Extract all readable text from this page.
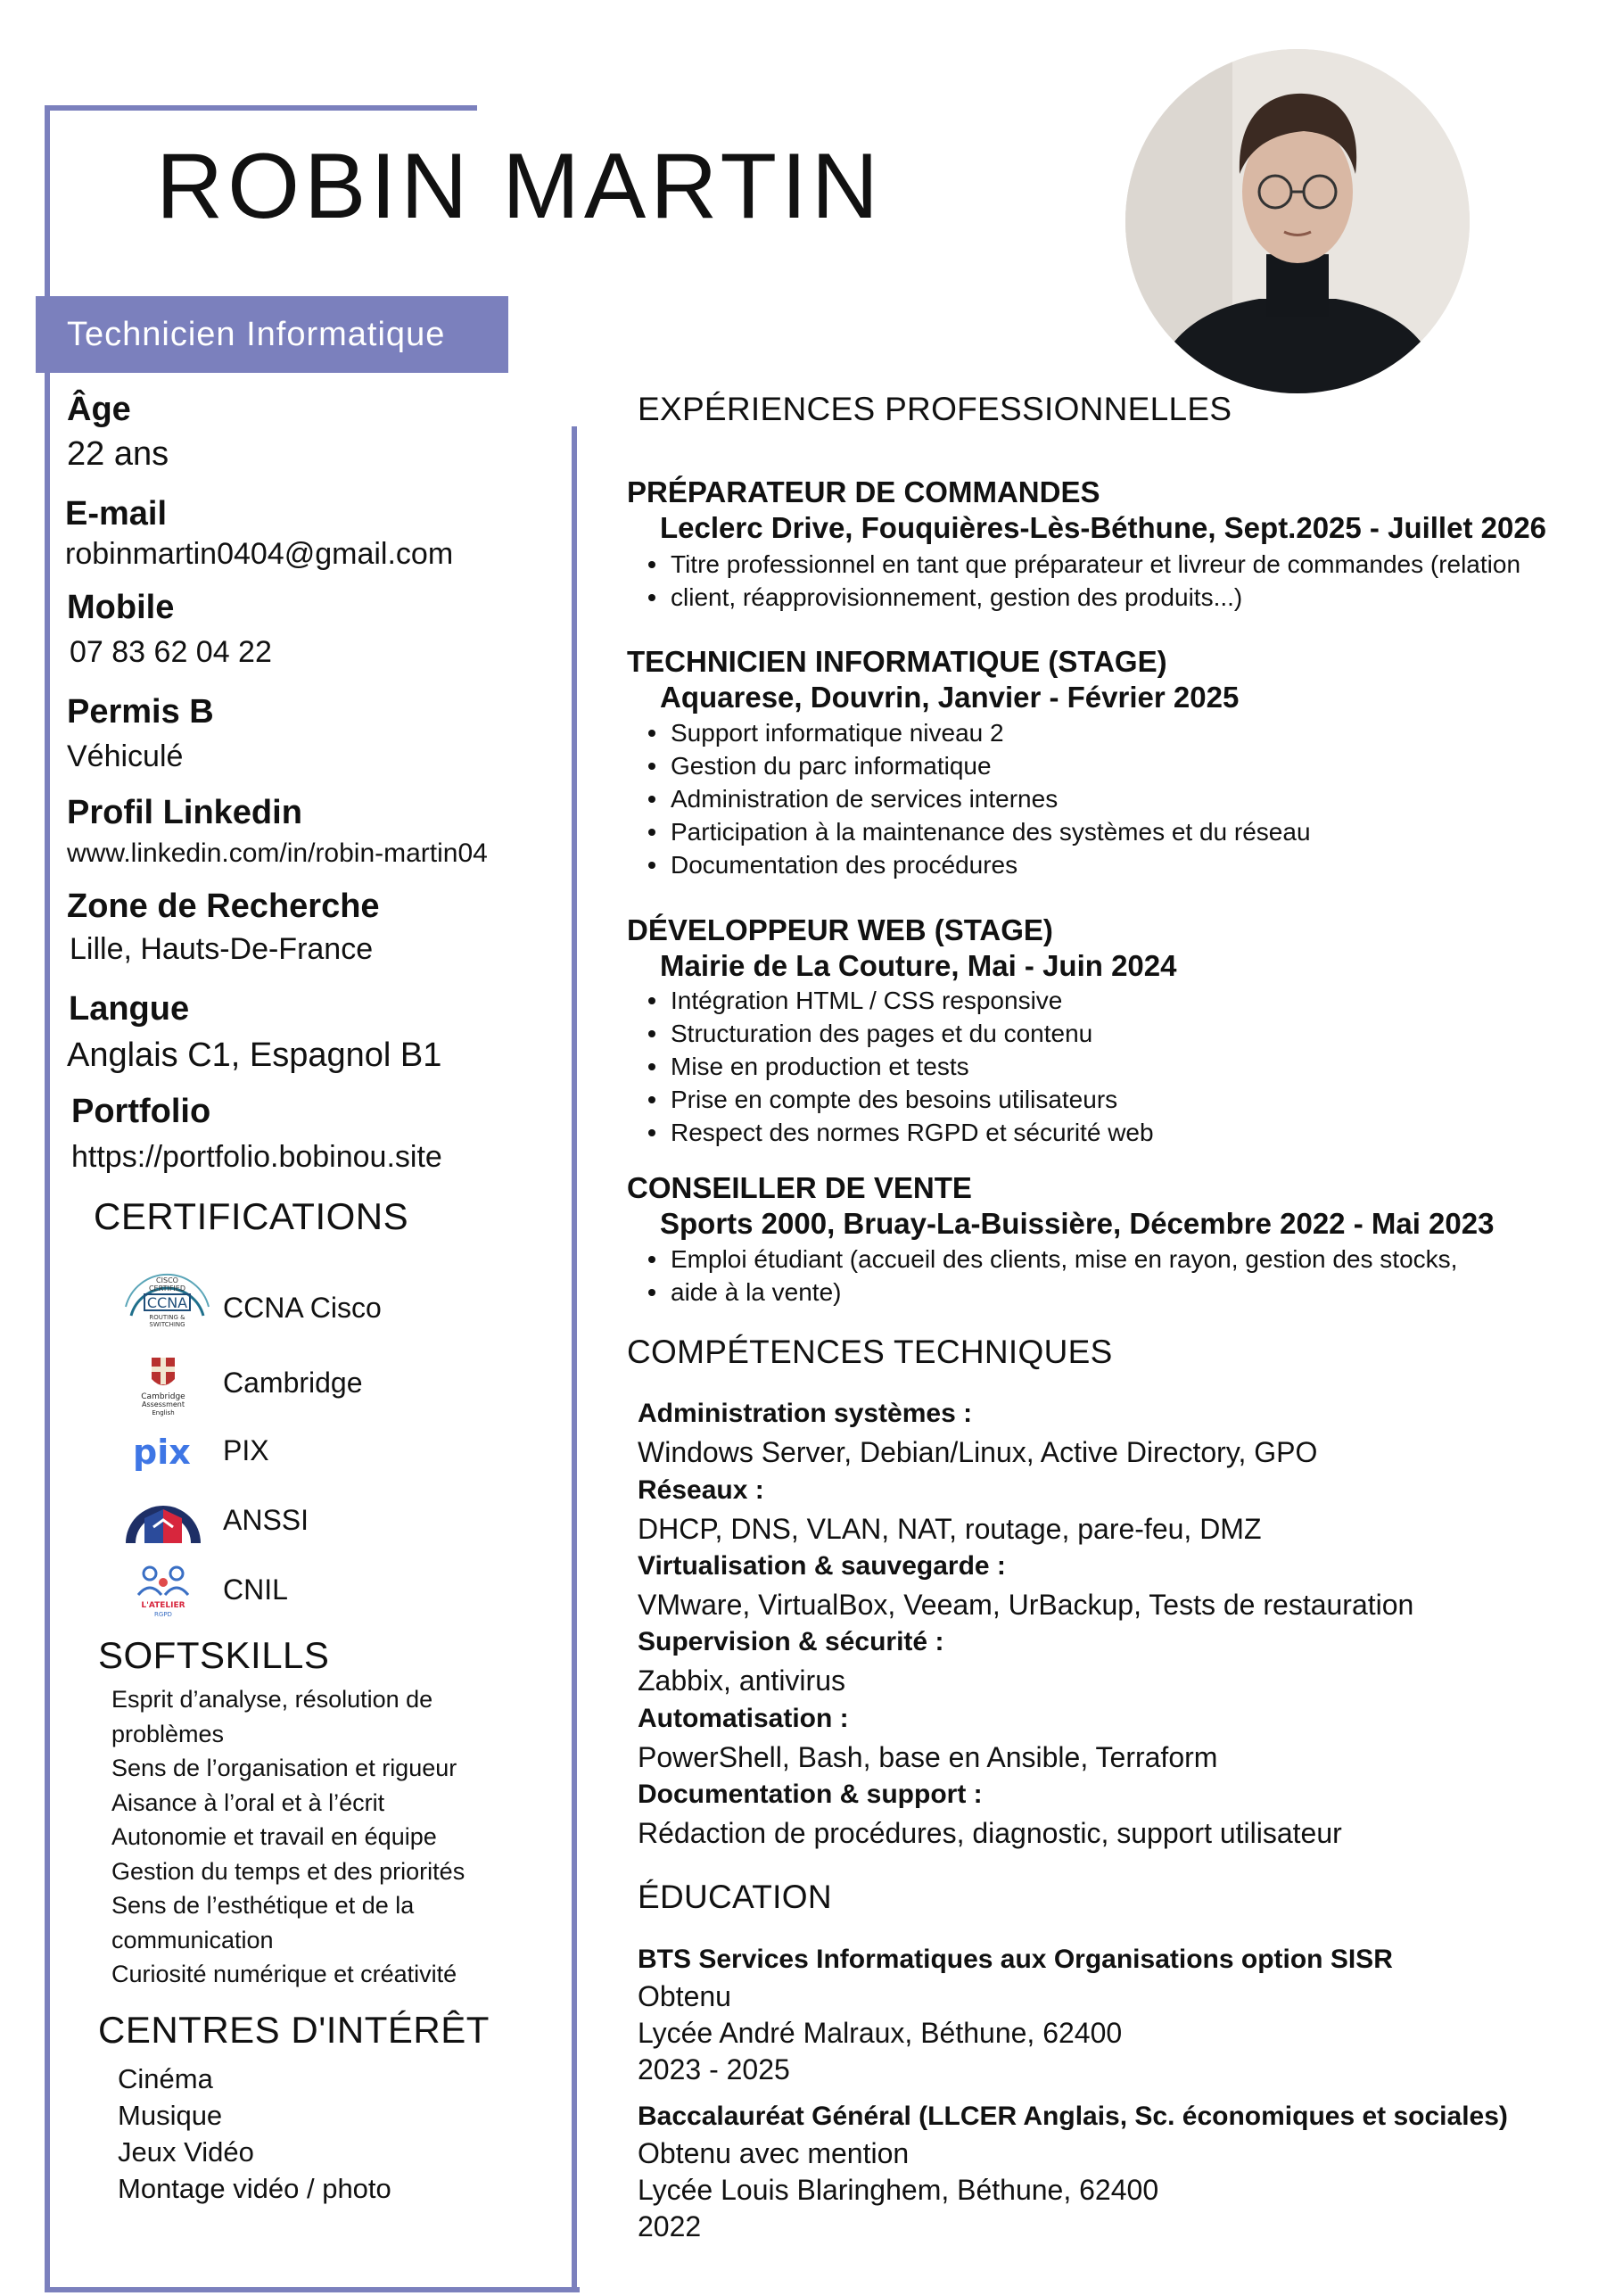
ROBIN MARTIN
Technicien Informatique
Âge
22 ans
E-mail
robinmartin0404@gmail.com
Mobile
07 83 62 04 22
Permis B
Véhiculé
Profil Linkedin
www.linkedin.com/in/robin-martin04
Zone de Recherche
Lille, Hauts-De-France
Langue
Anglais C1, Espagnol B1
Portfolio
https://portfolio.bobinou.site
CERTIFICATIONS
CISCO
CERTIFIED
CCNA
ROUTING &
SWITCHING
CCNA Cisco
Cambridge
Assessment
English
Cambridge
pix PIX
ANSSI
L'ATELIER
RGPD
CNIL
SOFTSKILLS
Esprit d’analyse, résolution de
problèmes
Sens de l’organisation et rigueur
Aisance à l’oral et à l’écrit
Autonomie et travail en équipe
Gestion du temps et des priorités
Sens de l’esthétique et de la
communication
Curiosité numérique et créativité
CENTRES D'INTÉRÊT
Cinéma
Musique
Jeux Vidéo
Montage vidéo / photo
EXPÉRIENCES PROFESSIONNELLES
PRÉPARATEUR DE COMMANDES
Leclerc Drive, Fouquières-Lès-Béthune, Sept.2025 - Juillet 2026
Titre professionnel en tant que préparateur et livreur de commandes (relation
client, réapprovisionnement, gestion des produits...)
TECHNICIEN INFORMATIQUE (STAGE)
Aquarese, Douvrin, Janvier - Février 2025
Support informatique niveau 2
Gestion du parc informatique
Administration de services internes
Participation à la maintenance des systèmes et du réseau
Documentation des procédures
DÉVELOPPEUR WEB (STAGE)
Mairie de La Couture, Mai - Juin 2024
Intégration HTML / CSS responsive
Structuration des pages et du contenu
Mise en production et tests
Prise en compte des besoins utilisateurs
Respect des normes RGPD et sécurité web
CONSEILLER DE VENTE
Sports 2000, Bruay-La-Buissière, Décembre 2022 - Mai 2023
Emploi étudiant (accueil des clients, mise en rayon, gestion des stocks,
aide à la vente)
COMPÉTENCES TECHNIQUES
Administration systèmes :
Windows Server, Debian/Linux, Active Directory, GPO
Réseaux :
DHCP, DNS, VLAN, NAT, routage, pare-feu, DMZ
Virtualisation & sauvegarde :
VMware, VirtualBox, Veeam, UrBackup, Tests de restauration
Supervision & sécurité :
Zabbix, antivirus
Automatisation :
PowerShell, Bash, base en Ansible, Terraform
Documentation & support :
Rédaction de procédures, diagnostic, support utilisateur
ÉDUCATION
BTS Services Informatiques aux Organisations option SISR
Obtenu
Lycée André Malraux, Béthune, 62400
2023 - 2025
Baccalauréat Général (LLCER Anglais, Sc. économiques et sociales)
Obtenu avec mention
Lycée Louis Blaringhem, Béthune, 62400
2022
